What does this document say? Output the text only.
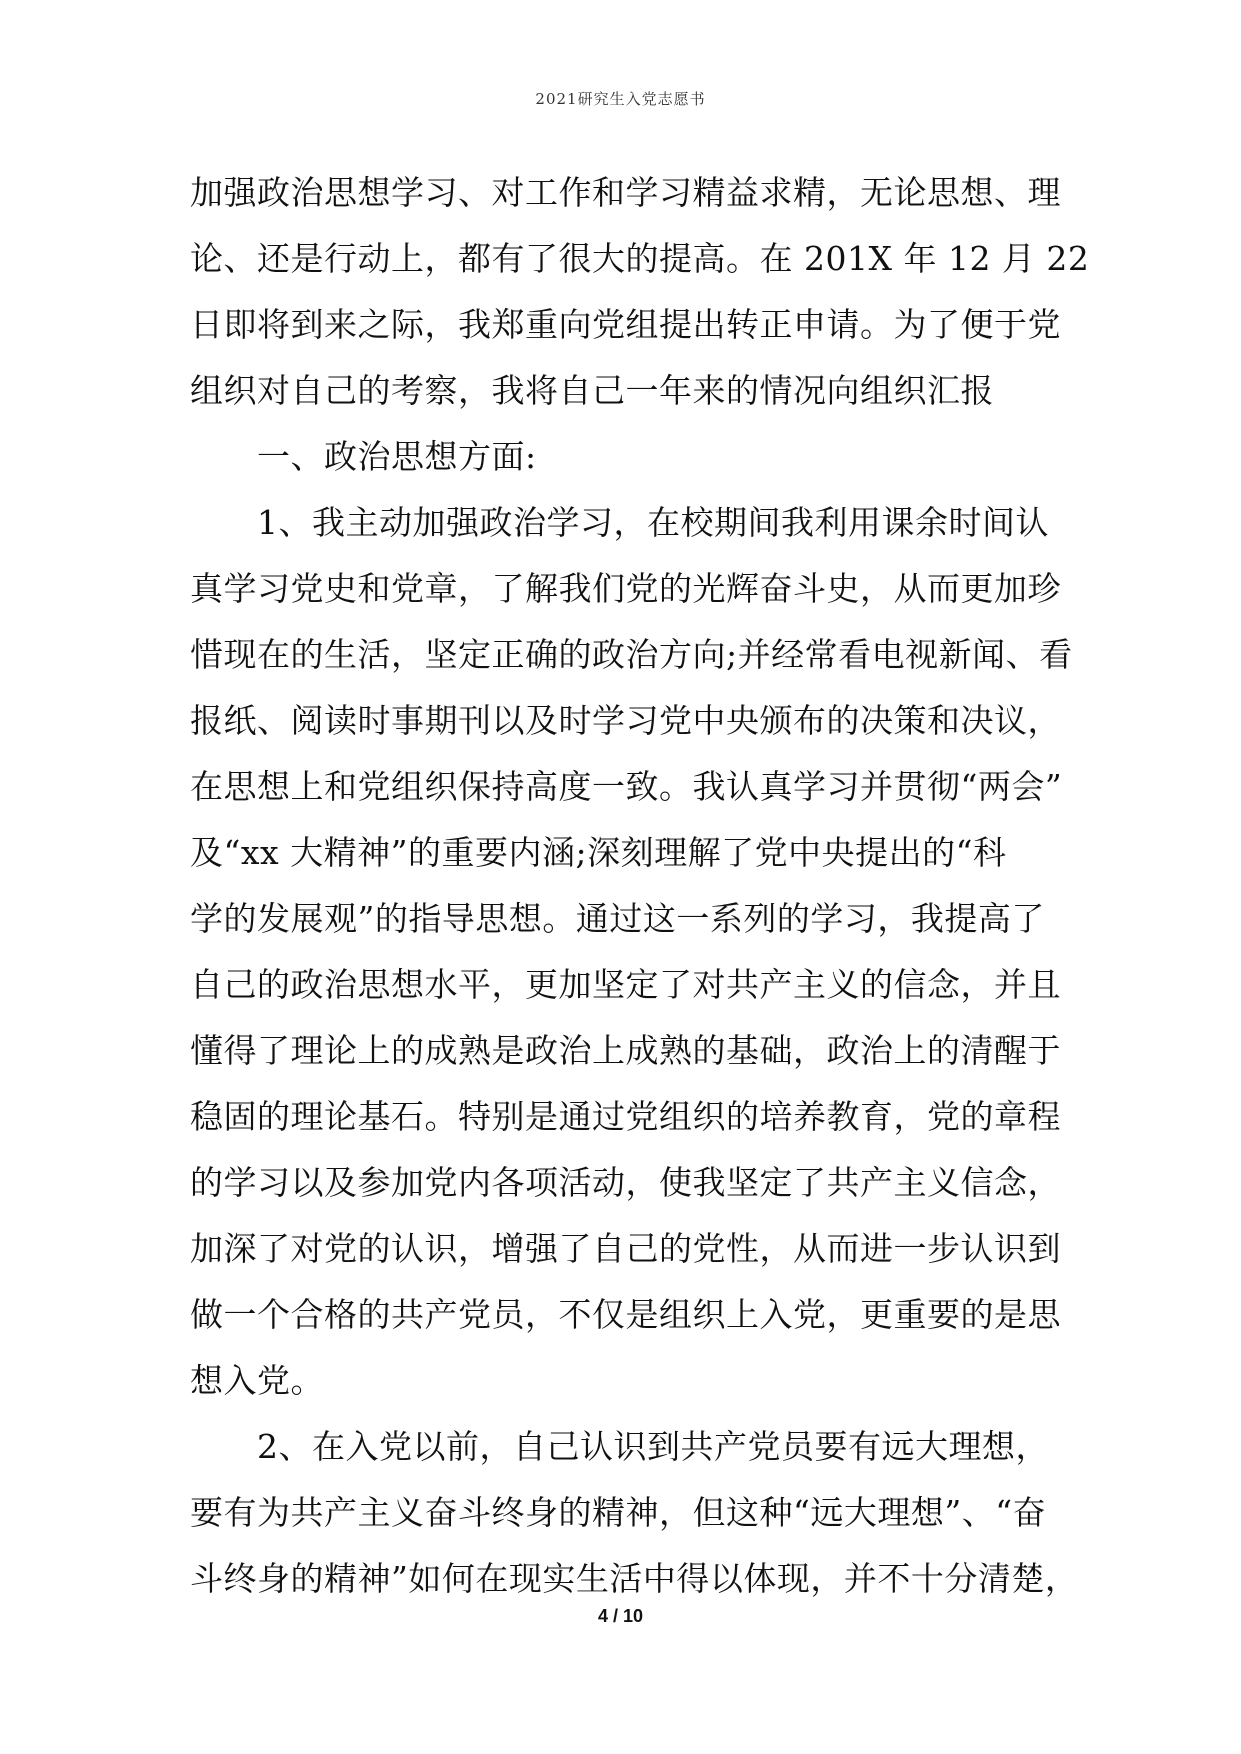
2021研究生入党志愿书
加强政治思想学习、对工作和学习精益求精，无论思想、理
论、还是行动上，都有了很大的提高。在 201X 年 12 月 22
日即将到来之际，我郑重向党组提出转正申请。为了便于党
组织对自己的考察，我将自己一年来的情况向组织汇报
　　一、政治思想方面:
　　1、我主动加强政治学习，在校期间我利用课余时间认
真学习党史和党章，了解我们党的光辉奋斗史，从而更加珍
惜现在的生活，坚定正确的政治方向;并经常看电视新闻、看
报纸、阅读时事期刊以及时学习党中央颁布的决策和决议，
在思想上和党组织保持高度一致。我认真学习并贯彻“两会”
及“xx 大精神”的重要内涵;深刻理解了党中央提出的“科
学的发展观”的指导思想。通过这一系列的学习，我提高了
自己的政治思想水平，更加坚定了对共产主义的信念，并且
懂得了理论上的成熟是政治上成熟的基础，政治上的清醒于
稳固的理论基石。特别是通过党组织的培养教育，党的章程
的学习以及参加党内各项活动，使我坚定了共产主义信念，
加深了对党的认识，增强了自己的党性，从而进一步认识到
做一个合格的共产党员，不仅是组织上入党，更重要的是思
想入党。
　　2、在入党以前，自己认识到共产党员要有远大理想，
要有为共产主义奋斗终身的精神，但这种“远大理想”、“奋
斗终身的精神”如何在现实生活中得以体现，并不十分清楚，
4 / 10
